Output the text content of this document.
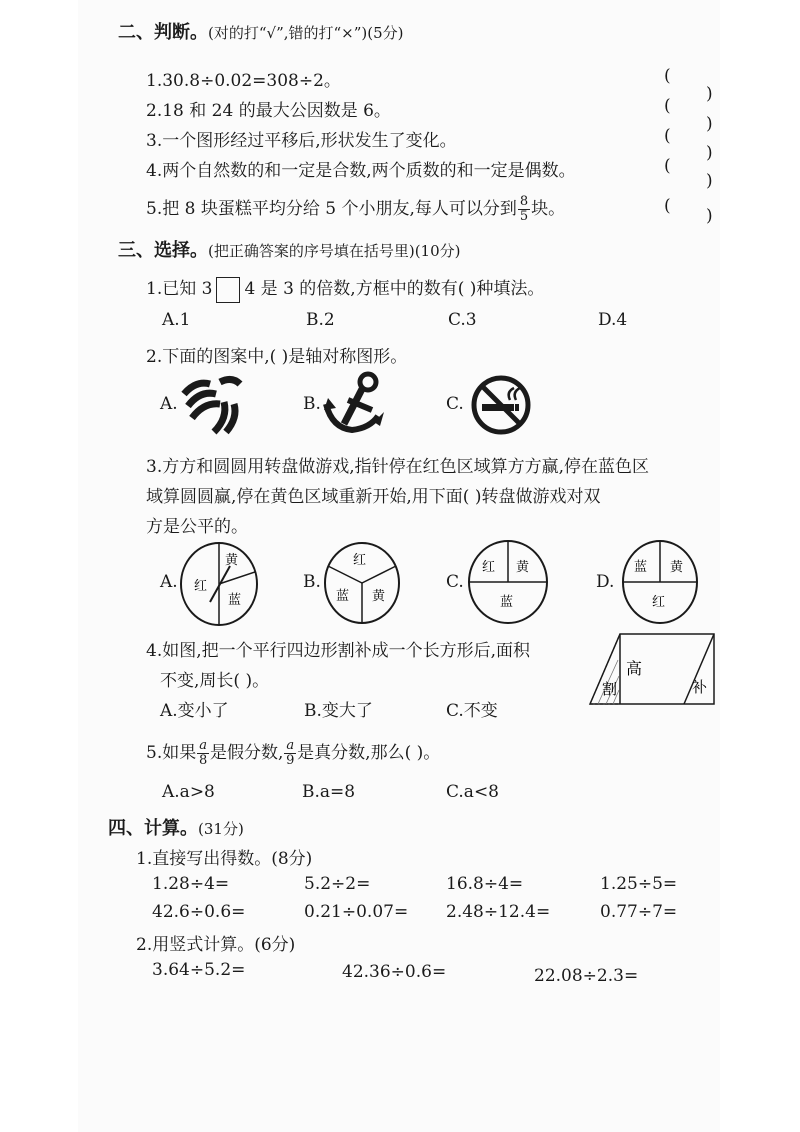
二、判断。(对的打“√”,错的打“×”)(5分)
1.30.8÷0.02=308÷2。
2.18 和 24 的最大公因数是 6。
3.一个图形经过平移后,形状发生了变化。
4.两个自然数的和一定是合数,两个质数的和一定是偶数。
5.把 8 块蛋糕平均分给 5 个小朋友,每人可以分到 $\frac{8}{5}$ 块。
(
(
(
(
(
)
)
)
)
)
三、选择。(把正确答案的序号填在括号里)(10分)
1.已知 3 4 是 3 的倍数,方框中的数有( )种填法。
A.1	B.2	C.3	D.4
2.下面的图案中,( )是轴对称图形。
A.	B.	C.
3.方方和圆圆用转盘做游戏,指针停在红色区域算方方赢,停在蓝色区
域算圆圆赢,停在黄色区域重新开始,用下面( )转盘做游戏对双
方是公平的。
A.	B.	C.	D.
红
黄
蓝
红
蓝 黄
红 黄
蓝
蓝 黄
红
4.如图,把一个平行四边形割补成一个长方形后,面积
不变,周长( )。
A.变小了	B.变大了	C.不变
高
割	补
5.如果 $\frac{a}{8}$ 是假分数, $\frac{a}{9}$ 是真分数,那么( )。
A.a>8	B.a=8	C.a<8
四、计算。(31分)
1.直接写出得数。(8分)
1.28÷4=	5.2÷2=	16.8÷4=	1.25÷5=
42.6÷0.6=	0.21÷0.07= 2.48÷12.4=	0.77÷7=
2.用竖式计算。(6分)
3.64÷5.2=	42.36÷0.6=	22.08÷2.3=
